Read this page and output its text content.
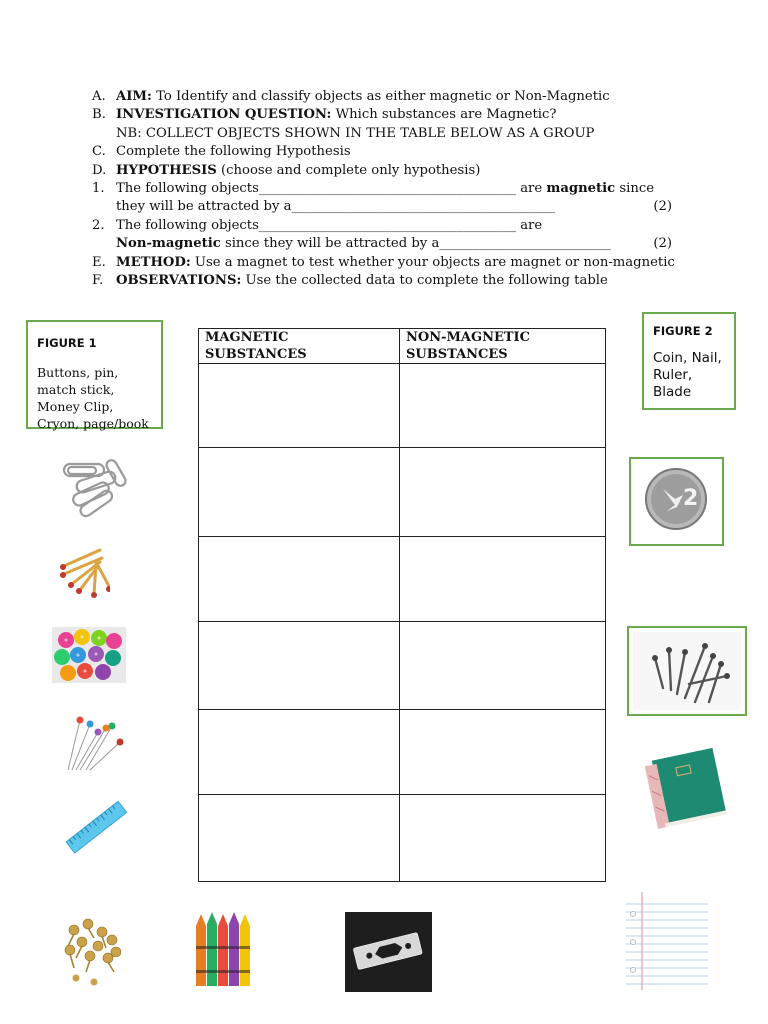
A. AIM: To Identify and classify objects as either magnetic or Non-Magnetic
B. INVESTIGATION QUESTION: Which substances are Magnetic?
NB: COLLECT OBJECTS SHOWN IN THE TABLE BELOW AS A GROUP
C. Complete the following Hypothesis
D. HYPOTHESIS (choose and complete only hypothesis)
1. The following objects_______________________________________ are magnetic since
they will be attracted by a________________________________________	(2)
2. The following objects_______________________________________ are
Non-magnetic since they will be attracted by a__________________________	(2)
E. METHOD: Use a magnet to test whether your objects are magnet or non-magnetic
F. OBSERVATIONS: Use the collected data to complete the following table
FIGURE 1
Buttons, pin, match stick, Money Clip, Cryon, page/book
FIGURE 2
Coin, Nail, Ruler, Blade
MAGNETIC SUBSTANCES	NON-MAGNETIC SUBSTANCES

2
